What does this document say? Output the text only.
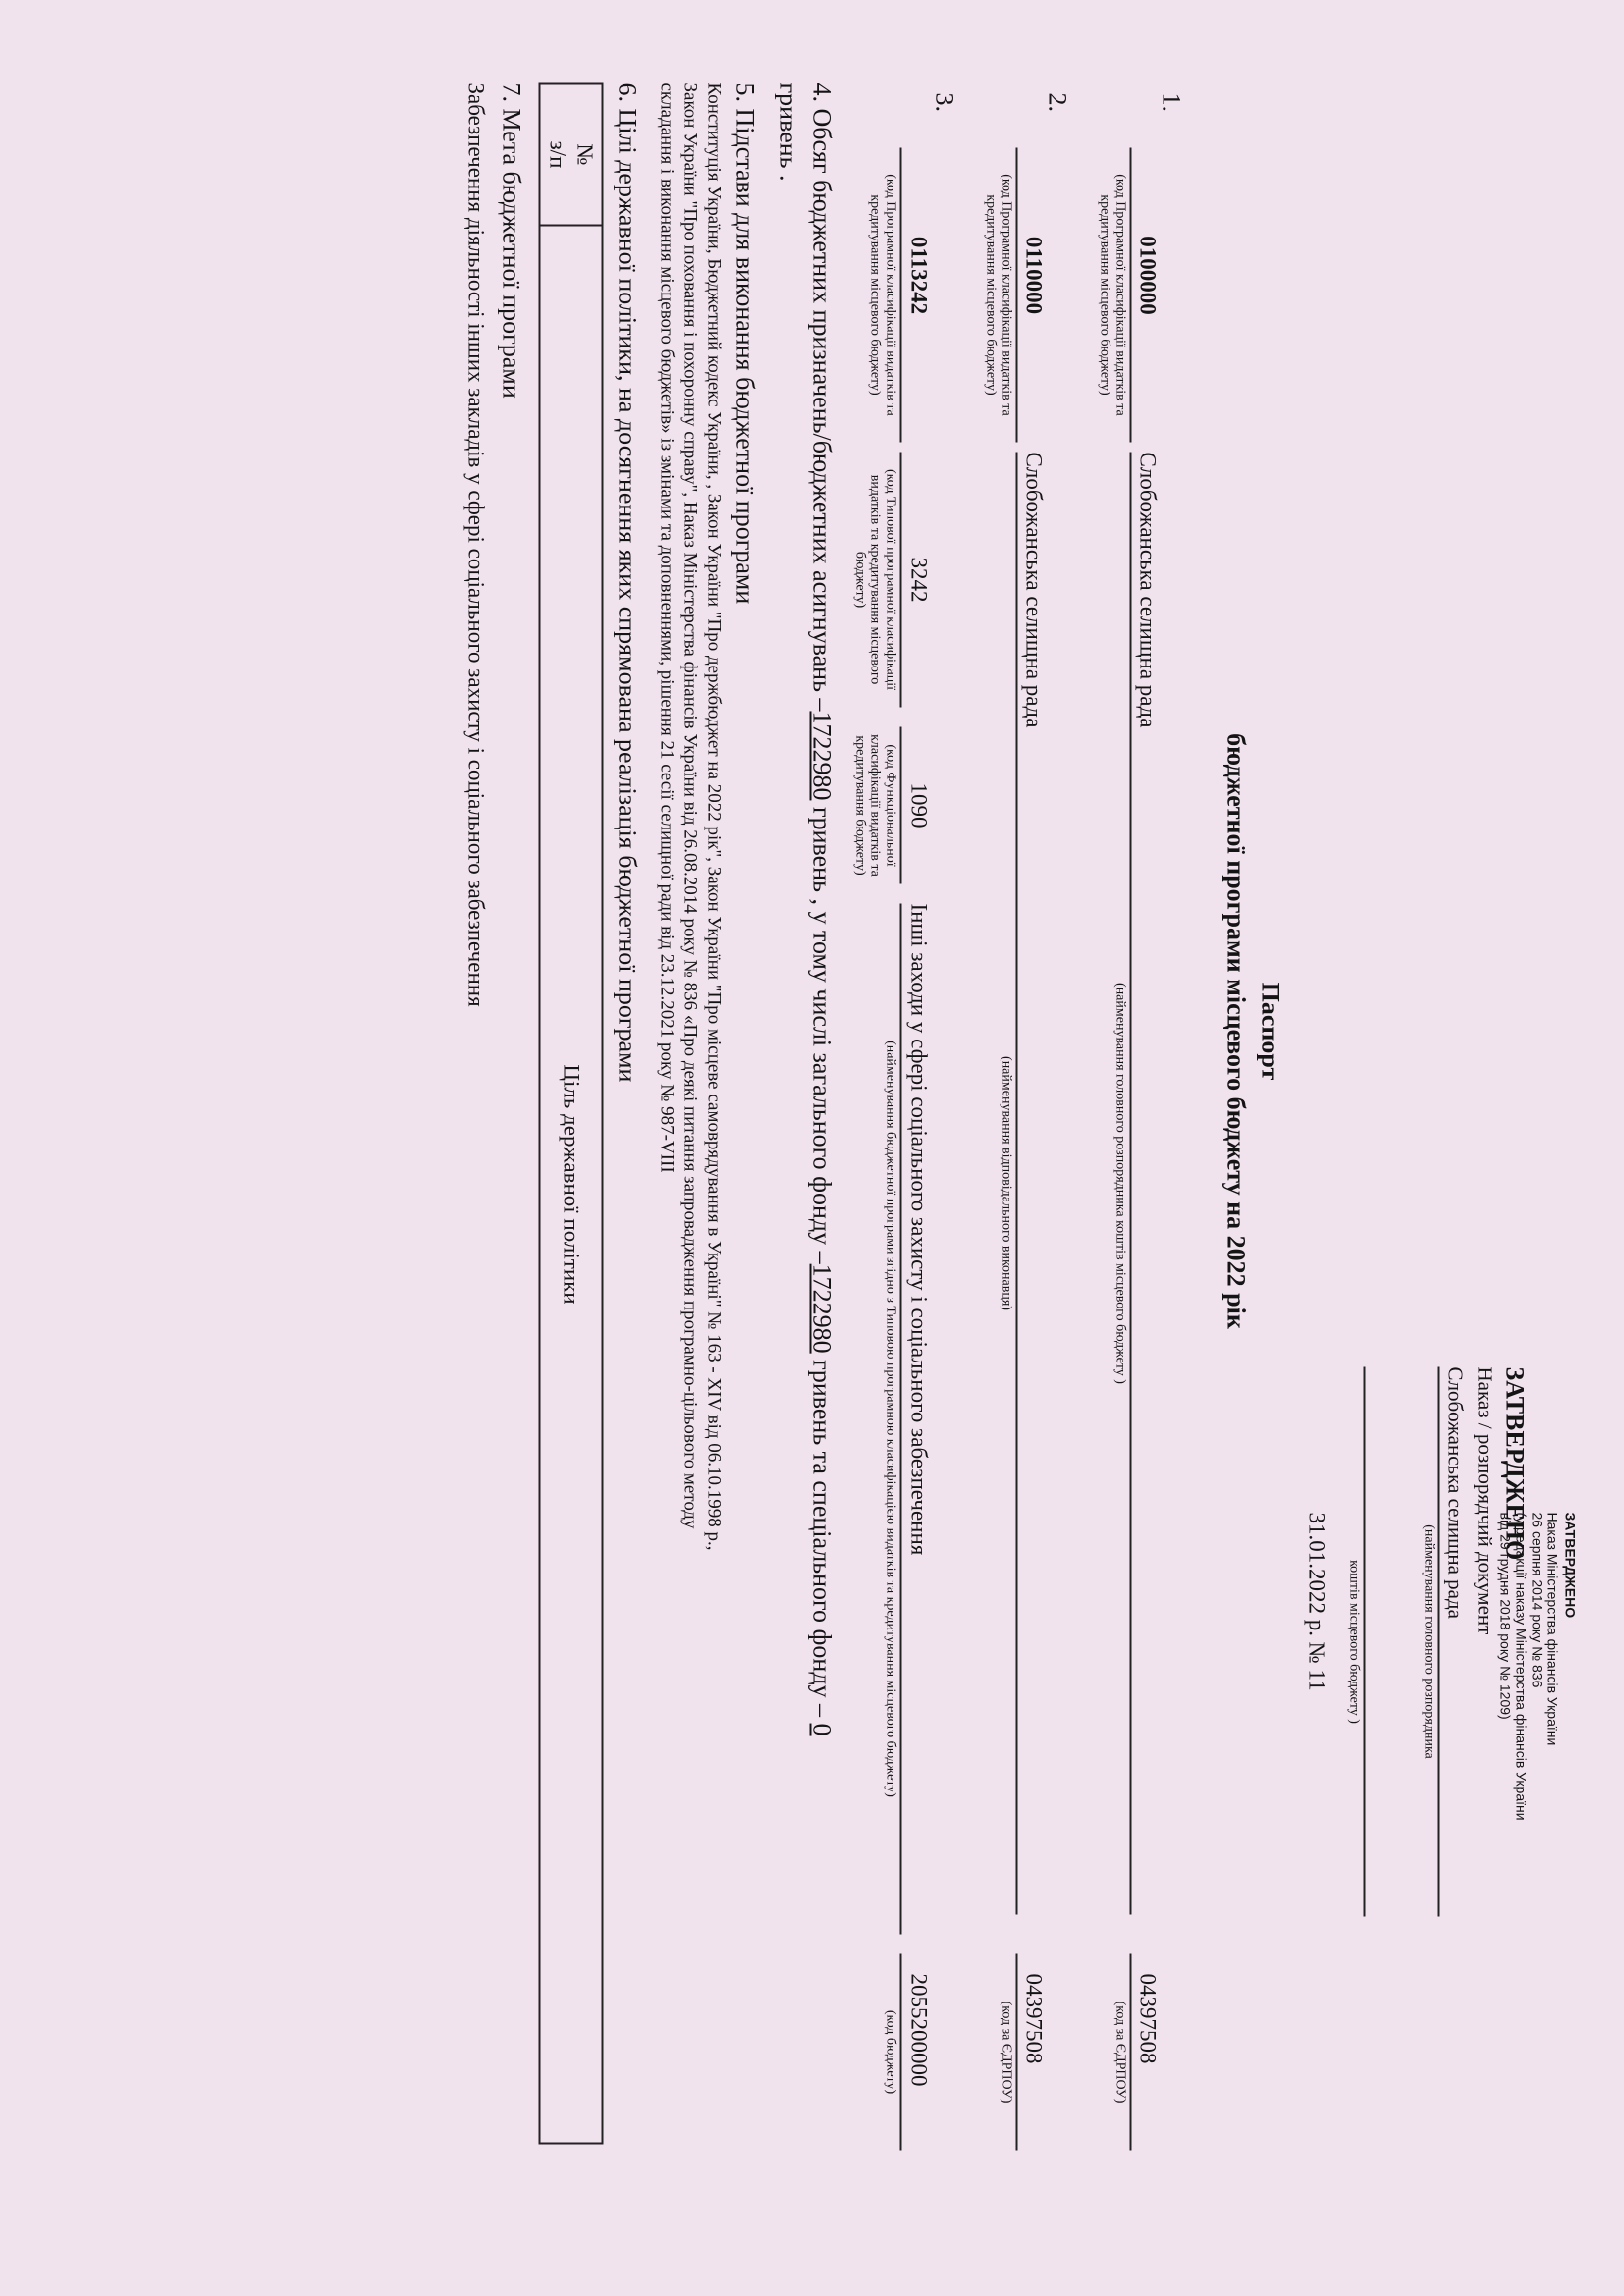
ЗАТВЕРДЖЕНО
Наказ Міністерства фінансів України
26 серпня 2014 року № 836
(у редакції наказу Міністерства фінансів України
від 29 грудня 2018 року № 1209)
ЗАТВЕРДЖЕНО
Наказ / розпорядчий документ
Слобожанська селищна рада
(найменування головного розпорядника
коштів місцевого бюджету )
31.01.2022 р. № 11
Паспорт
бюджетної програми місцевого бюджету на 2022 рік
1.
0100000
(код Програмної класифікації видатків та кредитування місцевого бюджету)
Слобожанська селищна рада
(найменування головного розпорядника коштів місцевого бюджету )
04397508
(код за ЄДРПОУ)
2.
0110000
(код Програмної класифікації видатків та кредитування місцевого бюджету)
Слобожанська селищна рада
(найменування відповідального виконавця)
04397508
(код за ЄДРПОУ)
3.
0113242
(код Програмної класифікації видатків та кредитування місцевого бюджету)
3242
(код Типової програмної класифікації видатків та кредитування місцевого бюджету)
1090
(код Функціональної класифікації видатків та кредитування бюджету)
Інші заходи у сфері соціального захисту і соціального забезпечення
(найменування бюджетної програми згідно з Типовою програмною класифікацією видатків та кредитування місцевого бюджету)
2055200000
(код бюджету)
4. Обсяг бюджетних призначень/бюджетних асигнувань –1722980 гривень , у тому числі загального фонду –1722980 гривень та спеціального фонду – 0
гривень .
5. Підстави для виконання бюджетної програми
Конституція України, Бюджетний кодекс України, , Закон України "Про держбюджет на 2022 рік", Закон України "Про місцеве самоврядування в Україні" № 163 - XIV від 06.10.1998 р.,
Закон України "Про поховання і похоронну справу", Наказ Міністерства фінансів України від 26.08.2014 року № 836 «Про деякі питання запровадження програмно-цільового методу
складання і виконання місцевого бюджетів» із змінами та доповненнями, рішення 21 сесії селищної ради від 23.12.2021 року № 987-VIII
6. Цілі державної політики, на досягнення яких спрямована реалізація бюджетної програми
№
з/п
	Ціль державної політики
7. Мета бюджетної програми
Забезпечення діяльності інших закладів у сфері соціального захисту і соціального забезпечення
